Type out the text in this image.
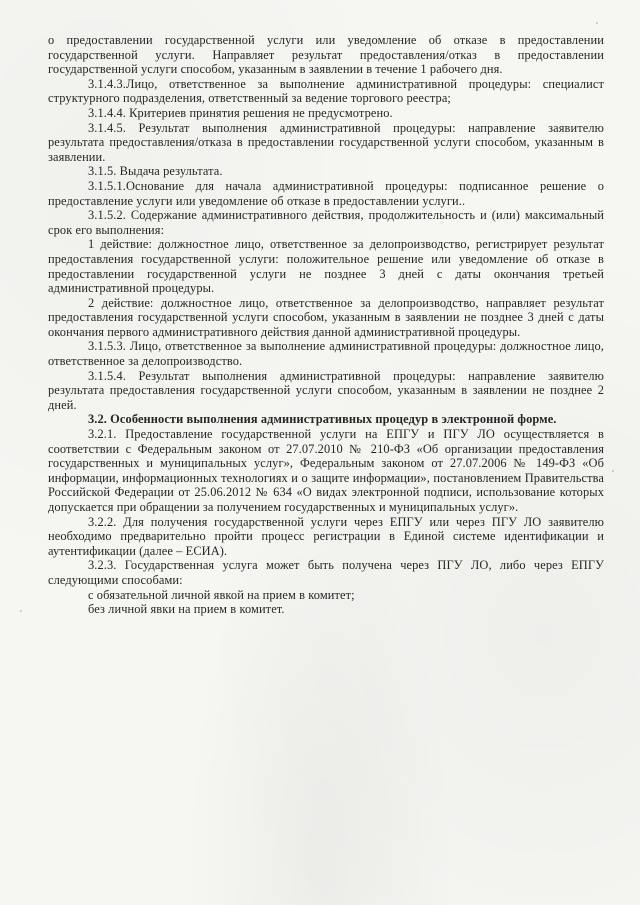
о предоставлении государственной услуги или уведомление об отказе в предоставлении государственной услуги. Направляет результат предоставления/отказ в предоставлении государственной услуги способом, указанным в заявлении в течение 1 рабочего дня.

3.1.4.3.Лицо, ответственное за выполнение административной процедуры: специалист структурного подразделения, ответственный за ведение торгового реестра;

3.1.4.4. Критериев принятия решения не предусмотрено.

3.1.4.5. Результат выполнения административной процедуры: направление заявителю результата предоставления/отказа в предоставлении государственной услуги способом, указанным в заявлении.

3.1.5. Выдача результата.

3.1.5.1.Основание для начала административной процедуры: подписанное решение о предоставление услуги или уведомление об отказе в предоставлении услуги..

3.1.5.2. Содержание административного действия, продолжительность и (или) максимальный срок его выполнения:

1 действие: должностное лицо, ответственное за делопроизводство, регистрирует результат предоставления государственной услуги: положительное решение или уведомление об отказе в предоставлении государственной услуги не позднее 3 дней с даты окончания третьей административной процедуры.

2 действие: должностное лицо, ответственное за делопроизводство, направляет результат предоставления государственной услуги способом, указанным в заявлении не позднее 3 дней с даты окончания первого административного действия данной административной процедуры.

3.1.5.3. Лицо, ответственное за выполнение административной процедуры: должностное лицо, ответственное за делопроизводство.

3.1.5.4. Результат выполнения административной процедуры: направление заявителю результата предоставления государственной услуги способом, указанным в заявлении не позднее 2 дней.

3.2. Особенности выполнения административных процедур в электронной форме.

3.2.1. Предоставление государственной услуги на ЕПГУ и ПГУ ЛО осуществляется в соответствии с Федеральным законом от 27.07.2010 № 210-ФЗ «Об организации предоставления государственных и муниципальных услуг», Федеральным законом от 27.07.2006 № 149-ФЗ «Об информации, информационных технологиях и о защите информации», постановлением Правительства Российской Федерации от 25.06.2012 № 634 «О видах электронной подписи, использование которых допускается при обращении за получением государственных и муниципальных услуг».

3.2.2. Для получения государственной услуги через ЕПГУ или через ПГУ ЛО заявителю необходимо предварительно пройти процесс регистрации в Единой системе идентификации и аутентификации (далее – ЕСИА).

3.2.3. Государственная услуга может быть получена через ПГУ ЛО, либо через ЕПГУ следующими способами:

с обязательной личной явкой на прием в комитет;

без личной явки на прием в комитет.
